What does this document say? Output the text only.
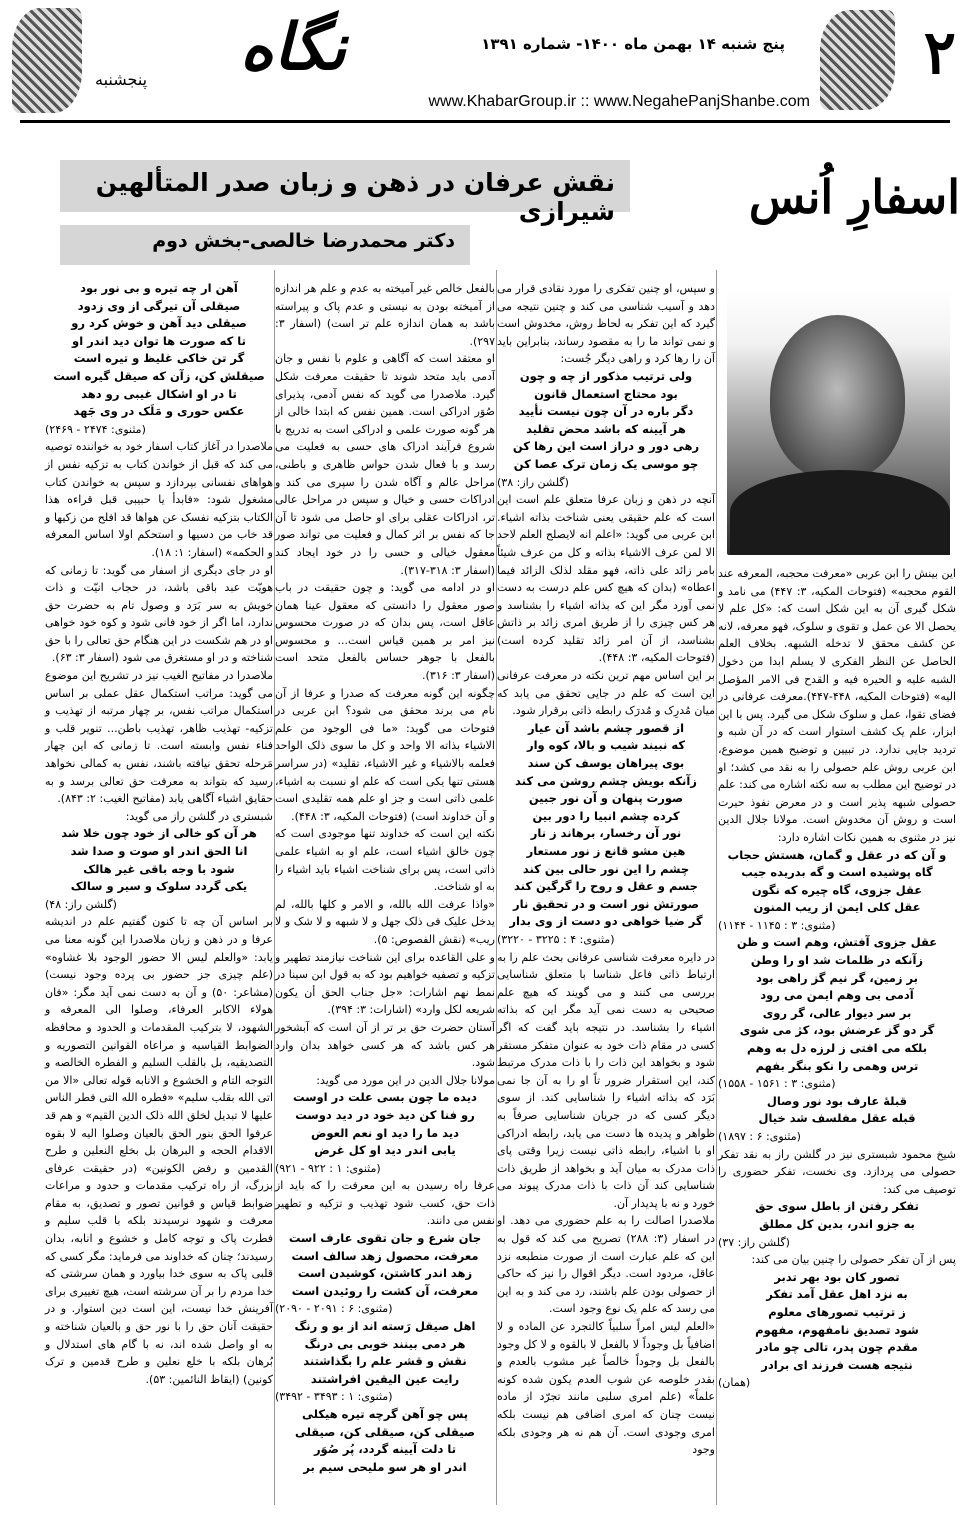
نگاه
پنجشنبه
پنج شنبه ۱۴ بهمن ماه ۱۴۰۰- شماره ۱۳۹۱
www.KhabarGroup.ir :: www.NegahePanjShanbe.com
۲
اسفارِ اُنس
نقش عرفان در ذهن و زبان صدر المتألهین شیرازی
دکتر محمدرضا خالصی-بخش دوم

این بینش را ابن عربی «معرفت محجبه، المعرفه عند القوم محجبه» (فتوحات المکیه، ۳: ۴۴۷) می نامد و شکل گیری آن به این شکل است که: «کل علم لا یحصل الا عن عمل و تقوی و سلوک، فهو معرفه، لانه عن کشف محقق لا تدخله الشبهه. بخلاف العلم الحاصل عن النظر الفکری لا یسلم ابدا من دخول الشبه علیه و الحیره فیه و القدح فی الامر المؤصل الیه» (فتوحات المکیه، ۴۴۸-۴۴۷).معرفت عرفانی در فضای تقوا، عمل و سلوک شکل می گیرد. پس با این ابزار، علم یک کشف استوار است که در آن شبه و تردید جایی ندارد. در تبیین و توضیح همین موضوع، ابن عربی روش علم حصولی را به نقد می کشد؛ او در توضیح این مطلب به سه نکته اشاره می کند: علم حصولی شبهه پذیر است و در معرض نفوذ حیرت است و روش آن مخدوش است. مولانا جلال الدین نیز در مثنوی به همین نکات اشاره دارد:

و آن که در عقل و گمان، هستش حجاب

گاه پوشیده است و گه بدریده جیب

عقل جزوی، گاه چیره که نگون

عقل کلی ایمن از ریب المنون

(مثنوی: ۳ : ۱۱۴۵ - ۱۱۴۴)

عقل جزوی آفتش، وهم است و ظن

زآنکه در ظلمات شد او را وطن

بر زمین، گر نیم گز راهی بود

آدمی بی وهم ایمن می رود

بر سر دیوار عالی، گر روی

گر دو گز عرضش بود، کژ می شوی

بلکه می افتی ز لرزه دل به وهم

ترس وهمی را نکو بنگر بفهم

(مثنوی: ۳ : ۱۵۶۱ - ۱۵۵۸)

قبلهٔ عارف بود نور وصال

قبله عقل مفلسف شد خیال

(مثنوی: ۶ : ۱۸۹۷)

شیخ محمود شبستری نیز در گلشن راز به نقد تفکر حصولی می پردازد. وی نخست، تفکر حضوری را توصیف می کند:

تفکر رفتن از باطل سوی حق

به جزو اندر، بدین کل مطلق

(گلشن راز: ۳۷)

پس از آن تفکر حصولی را چنین بیان می کند:

تصور کان بود بهر تدبر

به نزد اهل عقل آمد تفکر

ز ترتیب تصورهای معلوم

شود تصدیق نامفهوم، مفهوم

مقدم چون پدر، تالی چو مادر

نتیجه هست فرزند ای برادر

(همان)

و سپس، او چنین تفکری را مورد نقادی قرار می دهد و آسیب شناسی می کند و چنین نتیجه می گیرد که این تفکر به لحاظ روش، مخدوش است و نمی تواند ما را به مقصود رساند، بنابراین باید آن را رها کرد و راهی دیگر جُست:

ولی ترتیب مذکور از چه و چون

بود محتاج استعمال قانون

دگر باره در آن چون نیست تأیید

هر آیینه که باشد محض تقلید

رهی دور و دراز است این رها کن

چو موسی یک زمان ترک عصا کن

(گلشن راز: ۳۸)

آنچه در ذهن و زبان عرفا متعلق علم است این است که علم حقیقی یعنی شناخت بذاته اشیاء. ابن عربی می گوید: «اعلم انه لایصلح العلم لاحد الا لمن عرف الاشیاء بذاته و کل من عرف شیئاً بامر زائد علی ذاته، فهو مقلد لذلک الزائد فیما اعطاه» (بدان که هیچ کس علم درست به دست نمی آورد مگر این که بذاته اشیاء را بشناسد و هر کس چیزی را از طریق امری زائد بر ذاتش بشناسد، از آن امر زائد تقلید کرده است) (فتوحات المکیه، ۳: ۴۴۸).

بر این اساس مهم ترین نکته در معرفت عرفانی این است که علم در جایی تحقق می یابد که میان مُدرِک و مُدرَک رابطه ذاتی برقرار شود.

از قصور چشم باشد آن عیار

که نبیند شیب و بالا، کوه وار

بوی پیراهان یوسف کن سند

زآنکه بویش چشم روشن می کند

صورت پنهان و آن نور جبین

کرده چشم انبیا را دور بین

نور آن رخسار، برهاند ز نار

هین مشو قانع ز نور مستعار

چشم را این نور حالی بین کند

جسم و عقل و روح را گرگین کند

صورتش نور است و در تحقیق نار

گر ضیا خواهی دو دست از وی بدار

(مثنوی: ۴ : ۳۲۲۵ - ۳۲۲۰)

در دایره معرفت شناسی عرفانی بحث علم را به ارتباط ذاتی فاعل شناسا با متعلق شناسایی بررسی می کنند و می گویند که هیچ علم صحیحی به دست نمی آید مگر این که بذاته اشیاء را بشناسد. در نتیجه باید گفت که اگر کسی در مقام ذات خود به عنوان متفکر مستقر شود و بخواهد این ذات را با ذات مدرک مرتبط کند، این استقرار ضرور تاً او را به آن جا نمی بَرَد که بذاته اشیاء را شناسایی کند. از سوی دیگر کسی که در جریان شناسایی صرفاً به ظواهر و پدیده ها دست می یابد، رابطه ادراکی او با اشیاء، رابطه ذاتی نیست زیرا وقتی پای ذات مدرک به میان آید و بخواهد از طریق ذات شناسایی کند آن ذات با ذات مدرک پیوند می خورد و نه با پدیدار آن.

ملاصدرا اصالت را به علم حضوری می دهد. او در اسفار (۳: ۲۸۸) تصریح می کند که قول به این که علم عبارت است از صورت منطبعه نزد عاقل، مردود است. دیگر اقوال را نیز که حاکی از حصولی بودن علم باشند، رد می کند و به این می رسد که علم یک نوع وجود است.

«العلم لیس امراً سلبیاً کالتجرد عن الماده و لا اضافیاً بل وجوداً لا بالفعل لا بالقوه و لا کل وجود بالفعل بل وجوداً خالصاً غیر مشوب بالعدم و بقدر خلوصه عن شوب العدم یکون شده کونه علماً» (علم امری سلبی مانند تجرّد از ماده نیست چنان که امری اضافی هم نیست بلکه امری وجودی است. آن هم نه هر وجودی بلکه وجود

بالفعل خالص غیر آمیخته به عدم و علم هر اندازه از آمیخته بودن به نیستی و عدم پاک و پیراسته باشد به همان اندازه علم تر است) (اسفار ۳: ۲۹۷).

او معتقد است که آگاهی و علوم با نفس و جان آدمی باید متحد شوند تا حقیقت معرفت شکل گیرد. ملاصدرا می گوید که نفس آدمی، پذیرای صُوَر ادراکی است. همین نفس که ابتدا خالی از هر گونه صورت علمی و ادراکی است به تدریج با شروع فرآیند ادراک های حسی به فعلیت می رسد و با فعال شدن حواس ظاهری و باطنی، مراحل عالم و آگاه شدن را سپری می کند و ادراکات حسی و خیال و سپس در مراحل عالی تر، ادراکات عقلی برای او حاصل می شود تا آن جا که نفس بر اثر کمال و فعلیت می تواند صور معقول خیالی و حسی را در خود ایجاد کند (اسفار ۳: ۳۱۸-۳۱۷).

او در ادامه می گوید: و چون حقیقت در باب صور معقول را دانستی که معقول عینا همان عاقل است، پس بدان که در صورت محسوس نیز امر بر همین قیاس است... و محسوس بالفعل با جوهر حساس بالفعل متحد است (اسفار ۳: ۳۱۶).

چگونه این گونه معرفت که صدرا و عرفا از آن نام می برند محقق می شود؟ ابن عربی در فتوحات می گوید: «ما فی الوجود من علم الاشیاء بذاته الا واحد و کل ما سوی ذلک الواحد فعلمه بالاشیاء و غیر الاشیاء، تقلید» (در سراسر هستی تنها یکی است که علم او نسبت به اشیاء، علمی ذاتی است و جز او علم همه تقلیدی است و آن خداوند است) (فتوحات المکیه، ۳: ۴۴۸).

نکته این است که خداوند تنها موجودی است که چون خالق اشیاء است، علم او به اشیاء علمی ذاتی است، پس برای شناخت اشیاء باید اشیاء را به او شناخت.

«واذا عرفت الله بالله، و الامر و کلها بالله، لم یدخل علیک فی ذلک جهل و لا شبهه و لا شک و لا ریب» (نقش الفصوص: ۵).

و علی القاعده برای این شناخت نیازمند تطهیر و تزکیه و تصفیه خواهیم بود که به قول ابن سینا در نمط نهم اشارات: «جل جناب الحق أن یکون شریعه لکل وارد» (اشارات: ۳: ۳۹۴).

آستان حضرت حق بر تر از آن است که آبشخور هر کس باشد که هر کسی خواهد بدان وارد شود.

مولانا جلال الدین در این مورد می گوید:

دیده ما چون بسی علت در اوست

رو فنا کن دید خود در دید دوست

دید ما را دید او نعم العوض

یابی اندر دید او کل غرض

(مثنوی: ۱ : ۹۲۲ - ۹۲۱)

عرفا راه رسیدن به این معرفت را که باید از ذات حق، کسب شود تهذیب و تزکیه و تطهیر نفس می دانند.

جان شرع و جان تقوی عارف است

معرفت، محصول زهد سالف است

زهد اندر کاشتن، کوشیدن است

معرفت، آن کشت را روئیدن است

(مثنوی: ۶ : ۲۰۹۱ - ۲۰۹۰)

اهل صیقل رَسته اند از بو و رنگ

هر دمی بینند خوبی بی درنگ

نقش و قشر علم را بگذاشتند

رایت عین الیقین افراشتند

(مثنوی: ۱ : ۳۴۹۳ - ۳۴۹۲)

پس چو آهن گرچه تیره هیکلی

صیقلی کن، صیقلی کن، صیقلی

تا دلت آیینه گردد، پُر صُوَر

اندر او هر سو ملیحی سیم بر

آهن ار چه تیره و بی نور بود

صیقلی آن تیرگی از وی زدود

صیقلی دید آهن و خوش کرد رو

تا که صورت ها توان دید اندر او

گر تن خاکی غلیظ و تیره است

صیقلش کن، زآن که صیقل گیره است

تا در او اشکال غیبی رو دهد

عکس حوری و مَلَک در وی جَهد

(مثنوی: ۲۴۷۴ - ۲۴۶۹)

ملاصدرا در آغاز کتاب اسفار خود به خواننده توصیه می کند که قبل از خواندن کتاب به تزکیه نفس از هواهای نفسانی بپردازد و سپس به خواندن کتاب مشغول شود: «فابدأ یا حبیبی قبل قراءه هذا الکتاب بتزکیه نفسک عن هواها قد افلح من زکیها و قد خاب من دسیها و استحکم اولا اساس المعرفه و الحکمه» (اسفار: ۱: ۱۸).

او در جای دیگری از اسفار می گوید: تا زمانی که هویّت عبد باقی باشد، در حجاب انیّت و ذات خویش به سر بَرَد و وصول تام به حضرت حق ندارد، اما اگر از خود فانی شود و کوه خود خواهی او در هم شکست در این هنگام حق تعالی را با حق شناخته و در او مستغرق می شود (اسفار ۳: ۶۳).

ملاصدرا در مفاتیح الغیب نیز در تشریح این موضوع می گوید: مراتب استکمال عقل عملی بر اساس استکمال مراتب نفس، بر چهار مرتبه از تهذیب و تزکیه- تهذیب ظاهر، تهذیب باطن... تنویر قلب و فناء نفس وابسته است. تا زمانی که این چهار مَرحله تحقق نیافته باشند، نفس به کمالی نخواهد رسید که بتواند به معرفت حق تعالی برسد و به حقایق اشیاء آگاهی یابد (مفاتیح الغیب: ۲: ۸۴۳).

شبستری در گلشن راز می گوید:

هر آن کو خالی از خود چون خلا شد

انا الحق اندر او صوت و صدا شد

شود با وجه باقی غیر هالک

یکی گردد سلوک و سیر و سالک

(گلشن راز: ۴۸)

بر اساس آن چه تا کنون گفتیم علم در اندیشه عرفا و در ذهن و زبان ملاصدرا این گونه معنا می یابد: «والعلم لیس الا حضور الوجود بلا غشاوه» (علم چیزی جز حضور بی پرده وجود نیست) (مشاعر: ۵۰) و آن به دست نمی آید مگر: «فان هولاء الاکابر العرفاء، وصلوا الی المعرفه و الشهود، لا بترکیب المقدمات و الحدود و محافظه الضوابط القیاسیه و مراعاه القوانین التصوریه و التصدیقیه، بل بالقلب السلیم و الفطره الخالصه و التوجه التام و الخشوع و الانابه قوله تعالی «الا من اتی الله بقلب سلیم» «فطره الله التی فطر الناس علیها لا تبدیل لخلق الله ذلک الدین القیم» و هم قد عرفوا الحق بنور الحق بالعیان وصلوا الیه لا بقوه الاقدام الحجه و البرهان بل بخلع النعلین و طرح القدمین و رفض الکونین» (در حقیقت عرفای بزرگ، از راه ترکیب مقدمات و حدود و مراعات ضوابط قیاس و قوانین تصور و تصدیق، به مقام معرفت و شهود نرسیدند بلکه با قلب سلیم و فطرت پاک و توجه کامل و خشوع و انابه، بدان رسیدند؛ چنان که خداوند می فرماید: مگر کسی که قلبی پاک به سوی خدا بیاورد و همان سرشتی که خدا مردم را بر آن سرشته است، هیچ تغییری برای آفرینش خدا نیست، این است دین استوار. و در حقیقت آنان حق را با نور حق و بالعیان شناخته و به او واصل شده اند، نه با گام های استدلال و بُرهان بلکه با خلع نعلین و طرح قدمین و ترک کونین) (ایقاظ النائمین: ۵۳).
